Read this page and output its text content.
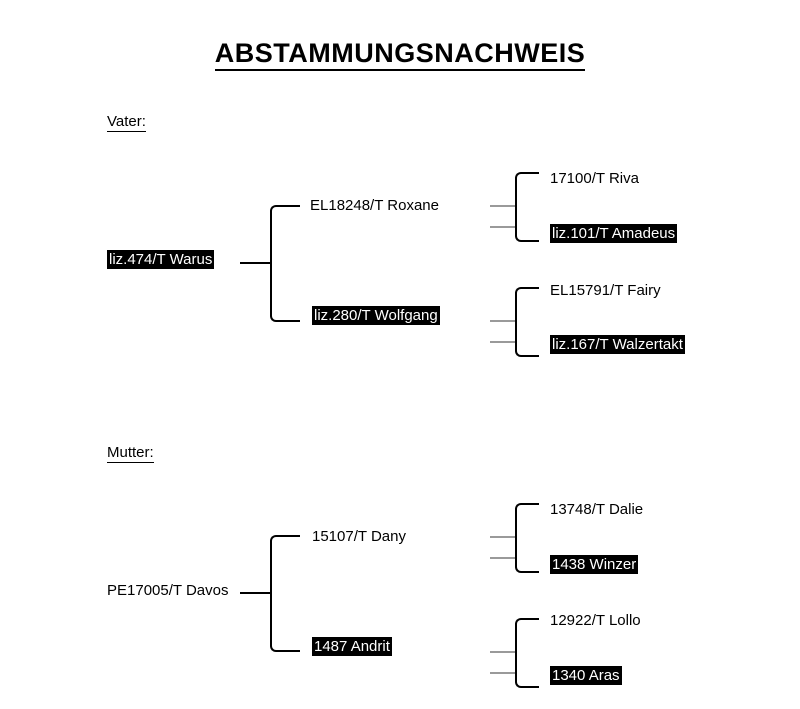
ABSTAMMUNGSNACHWEIS
Vater:
liz.474/T Warus
EL18248/T Roxane
liz.280/T Wolfgang
17100/T Riva
liz.101/T Amadeus
EL15791/T Fairy
liz.167/T Walzertakt
Mutter:
PE17005/T Davos
15107/T Dany
1487 Andrit
13748/T Dalie
1438 Winzer
12922/T Lollo
1340 Aras
